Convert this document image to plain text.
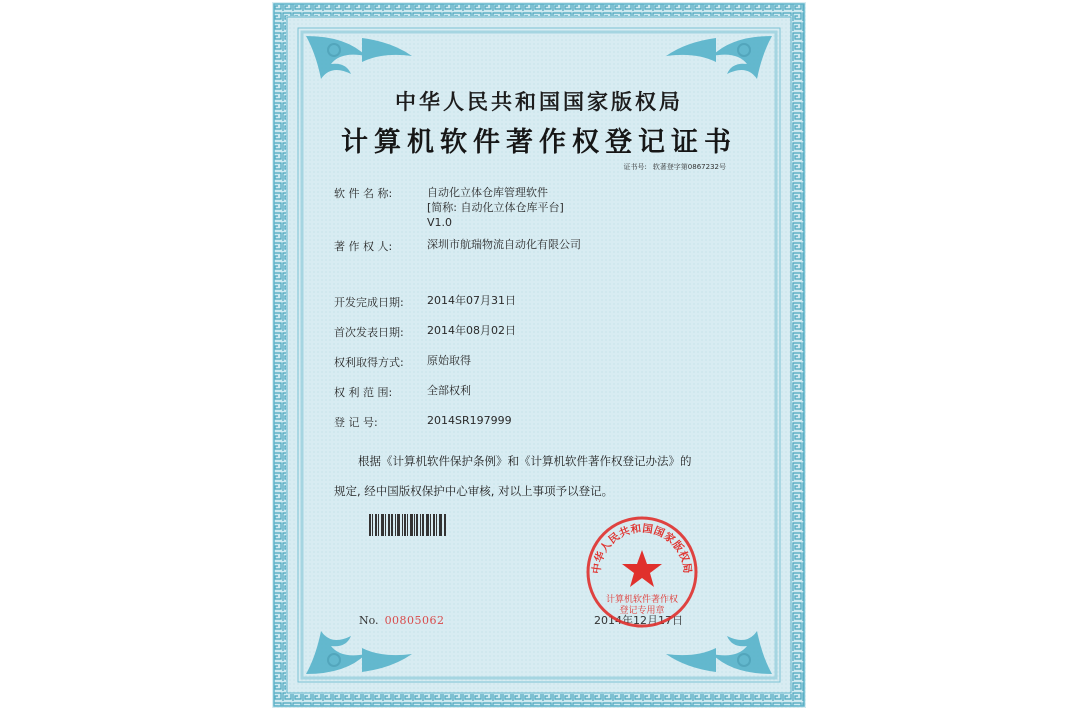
中华人民共和国国家版权局
计算机软件著作权登记证书
证书号: 软著登字第0867232号
软 件 名 称:	自动化立体仓库管理软件
[简称: 自动化立体仓库平台]
V1.0
著 作 权 人:	深圳市航瑞物流自动化有限公司
开发完成日期: 2014年07月31日
首次发表日期: 2014年08月02日
权利取得方式: 原始取得
权 利 范 围:	全部权利
登 记 号:	2014SR197999
根据《计算机软件保护条例》和《计算机软件著作权登记办法》的
规定, 经中国版权保护中心审核, 对以上事项予以登记。
No. 00805062	2014年12月17日
中华人民共和国国家版权局
计算机软件著作权
登记专用章
